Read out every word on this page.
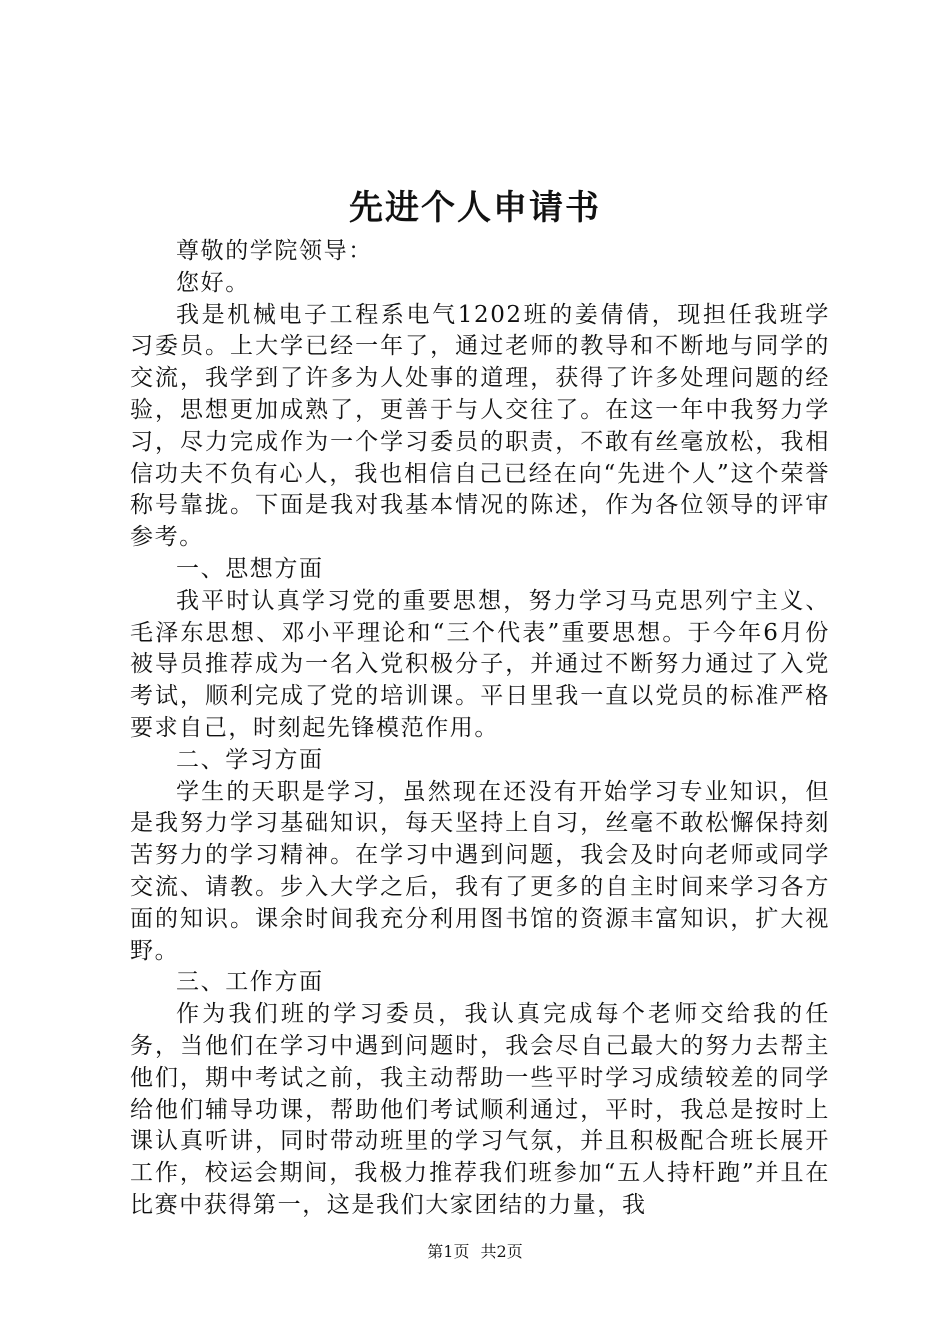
先进个人申请书

尊敬的学院领导：

您好。

我是机械电子工程系电气1202班的姜倩倩，现担任我班学习委员。上大学已经一年了，通过老师的教导和不断地与同学的交流，我学到了许多为人处事的道理，获得了许多处理问题的经验，思想更加成熟了，更善于与人交往了。在这一年中我努力学习，尽力完成作为一个学习委员的职责，不敢有丝毫放松，我相信功夫不负有心人，我也相信自己已经在向“先进个人”这个荣誉称号靠拢。下面是我对我基本情况的陈述，作为各位领导的评审参考。

一、思想方面

我平时认真学习党的重要思想，努力学习马克思列宁主义、毛泽东思想、邓小平理论和“三个代表”重要思想。于今年6月份被导员推荐成为一名入党积极分子，并通过不断努力通过了入党考试，顺利完成了党的培训课。平日里我一直以党员的标准严格要求自己，时刻起先锋模范作用。

二、学习方面

学生的天职是学习，虽然现在还没有开始学习专业知识，但是我努力学习基础知识，每天坚持上自习，丝毫不敢松懈保持刻苦努力的学习精神。在学习中遇到问题，我会及时向老师或同学交流、请教。步入大学之后，我有了更多的自主时间来学习各方面的知识。课余时间我充分利用图书馆的资源丰富知识，扩大视野。

三、工作方面

作为我们班的学习委员，我认真完成每个老师交给我的任务，当他们在学习中遇到问题时，我会尽自己最大的努力去帮主他们，期中考试之前，我主动帮助一些平时学习成绩较差的同学给他们辅导功课，帮助他们考试顺利通过，平时，我总是按时上课认真听讲，同时带动班里的学习气氛，并且积极配合班长展开工作，校运会期间，我极力推荐我们班参加“五人持杆跑”并且在比赛中获得第一，这是我们大家团结的力量，我

第1页 共2页
